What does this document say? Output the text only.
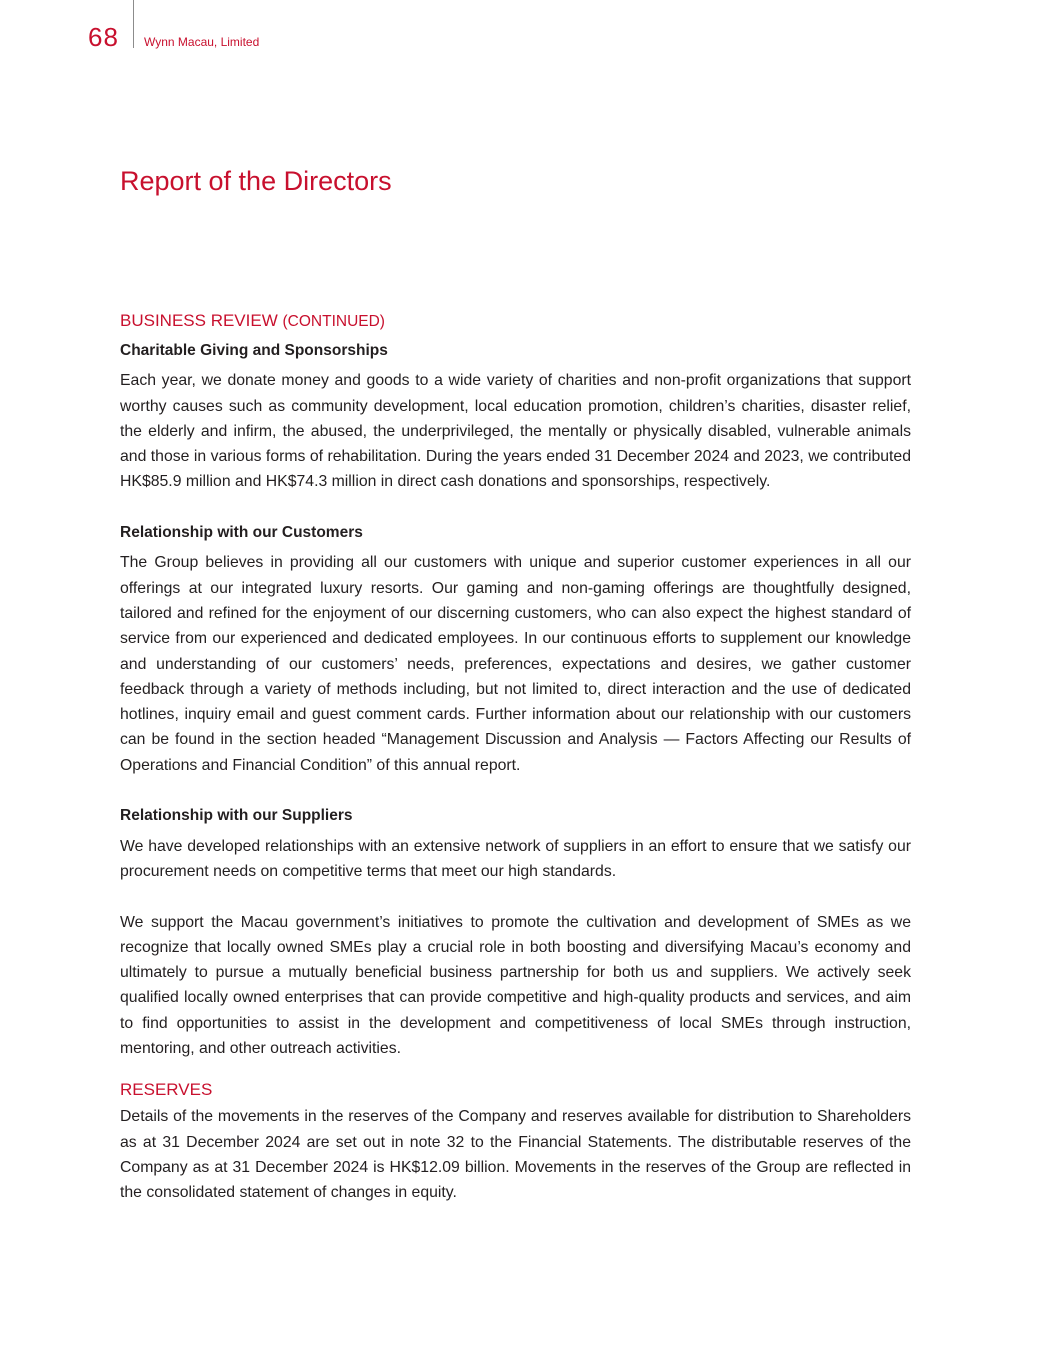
68 Wynn Macau, Limited
Report of the Directors
BUSINESS REVIEW (CONTINUED)
Charitable Giving and Sponsorships

Each year, we donate money and goods to a wide variety of charities and non-profit organizations that support worthy causes such as community development, local education promotion, children’s charities, disaster relief, the elderly and infirm, the abused, the underprivileged, the mentally or physically disabled, vulnerable animals and those in various forms of rehabilitation. During the years ended 31 December 2024 and 2023, we contributed HK$85.9 million and HK$74.3 million in direct cash donations and sponsorships, respectively.

Relationship with our Customers

The Group believes in providing all our customers with unique and superior customer experiences in all our offerings at our integrated luxury resorts. Our gaming and non-gaming offerings are thoughtfully designed, tailored and refined for the enjoyment of our discerning customers, who can also expect the highest standard of service from our experienced and dedicated employees. In our continuous efforts to supplement our knowledge and understanding of our customers’ needs, preferences, expectations and desires, we gather customer feedback through a variety of methods including, but not limited to, direct interaction and the use of dedicated hotlines, inquiry email and guest comment cards. Further information about our relationship with our customers can be found in the section headed “Management Discussion and Analysis — Factors Affecting our Results of Operations and Financial Condition” of this annual report.

Relationship with our Suppliers

We have developed relationships with an extensive network of suppliers in an effort to ensure that we satisfy our procurement needs on competitive terms that meet our high standards.

We support the Macau government’s initiatives to promote the cultivation and development of SMEs as we recognize that locally owned SMEs play a crucial role in both boosting and diversifying Macau’s economy and ultimately to pursue a mutually beneficial business partnership for both us and suppliers. We actively seek qualified locally owned enterprises that can provide competitive and high-quality products and services, and aim to find opportunities to assist in the development and competitiveness of local SMEs through instruction, mentoring, and other outreach activities.

RESERVES

Details of the movements in the reserves of the Company and reserves available for distribution to Shareholders as at 31 December 2024 are set out in note 32 to the Financial Statements. The distributable reserves of the Company as at 31 December 2024 is HK$12.09 billion. Movements in the reserves of the Group are reflected in the consolidated statement of changes in equity.
